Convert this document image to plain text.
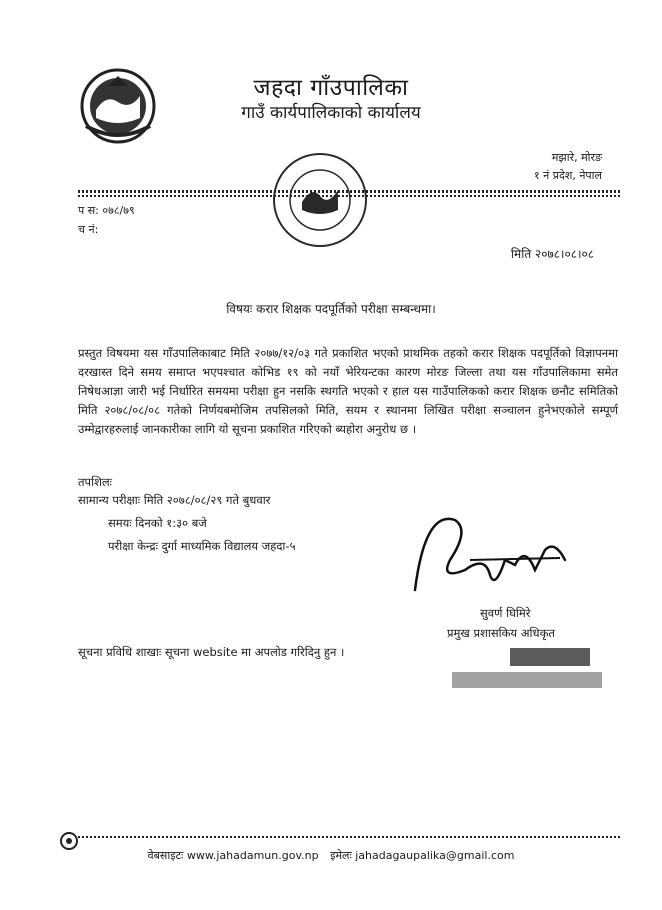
जहदा गाँउपालिका
गाउँ कार्यपालिकाको कार्यालय
मझारे, मोरङ
१ नं प्रदेश, नेपाल
प स: ०७८/७९
च नं:
मिति २०७८।०८।०८
विषयः करार शिक्षक पदपूर्तिको परीक्षा सम्बन्धमा।
प्रस्तुत विषयमा यस गाँउपालिकाबाट मिति २०७७/१२/०३ गते प्रकाशित भएको प्राथमिक तहको करार शिक्षक पदपूर्तिको विज्ञापनमा दरखास्त दिने समय समाप्त भएपश्चात कोभिड १९ को नयाँ भेरियन्टका कारण मोरङ जिल्ला तथा यस गाँउपालिकामा समेत निषेधआज्ञा जारी भई निर्धारित समयमा परीक्षा हुन नसकि स्थगति भएको र हाल यस गाउँपालिकको करार शिक्षक छनौट समितिको मिति २०७८/०८/०८ गतेको निर्णयबमोजिम तपसिलको मिति, सयम र स्थानमा लिखित परीक्षा सञ्चालन हुनेभएकोले सम्पूर्ण उम्मेद्वारहरुलाई जानकारीका लागि यो सूचना प्रकाशित गरिएको ब्यहोरा अनुरोध छ ।
तपशिलः
सामान्य परीक्षाः मिति २०७८/०८/२९ गते बुधवार
समयः दिनको १:३० बजे
परीक्षा केन्द्रः दुर्गा माध्यमिक विद्यालय जहदा-५
सुवर्ण घिमिरे
प्रमुख प्रशासकिय अधिकृत
सूचना प्रविधि शाखाः सूचना website मा अपलोड गरिदिनु हुन ।
वेबसाइटः www.jahadamun.gov.np इमेलः jahadagaupalika@gmail.com
